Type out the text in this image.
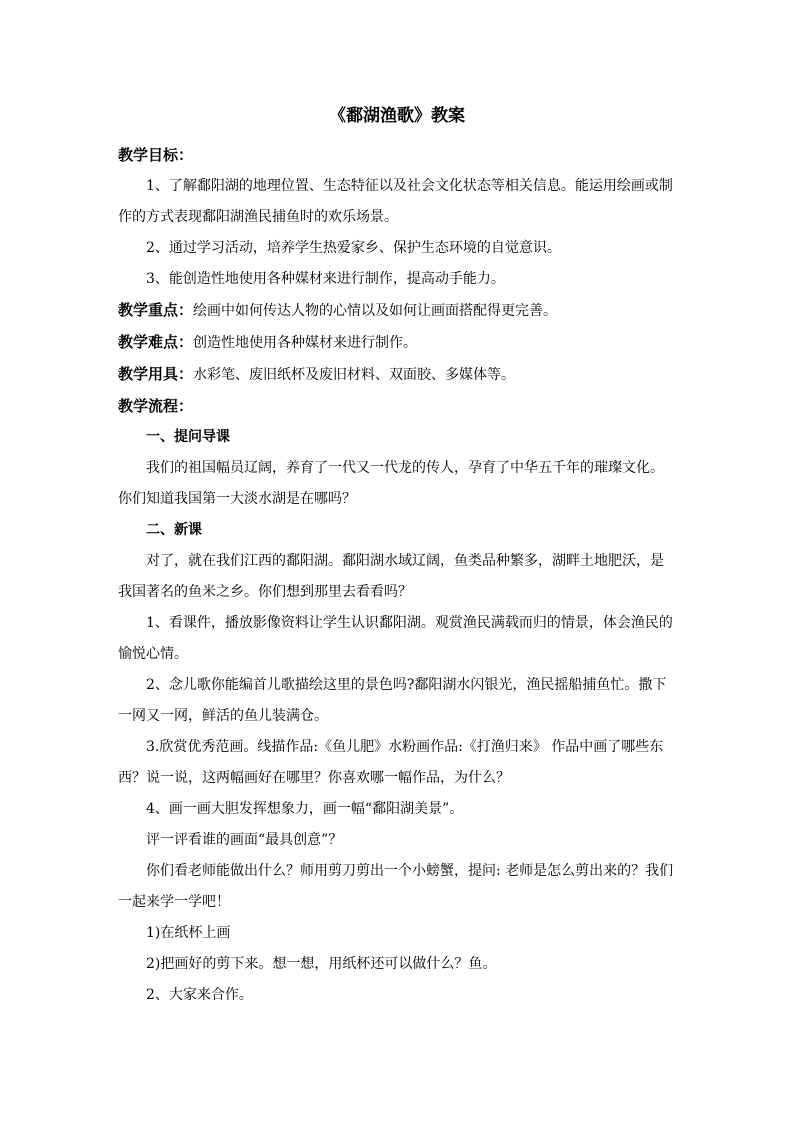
《鄱湖渔歌》教案

教学目标：

1、了解鄱阳湖的地理位置、生态特征以及社会文化状态等相关信息。能运用绘画或制作的方式表现鄱阳湖渔民捕鱼时的欢乐场景。

2、通过学习活动，培养学生热爱家乡、保护生态环境的自觉意识。

3、能创造性地使用各种媒材来进行制作，提高动手能力。

教学重点：绘画中如何传达人物的心情以及如何让画面搭配得更完善。

教学难点：创造性地使用各种媒材来进行制作。

教学用具：水彩笔、废旧纸杯及废旧材料、双面胶、多媒体等。

教学流程：

一、提问导课

我们的祖国幅员辽阔，养育了一代又一代龙的传人，孕育了中华五千年的璀璨文化。你们知道我国第一大淡水湖是在哪吗？

二、新课

对了，就在我们江西的鄱阳湖。鄱阳湖水域辽阔，鱼类品种繁多，湖畔土地肥沃，是我国著名的鱼米之乡。你们想到那里去看看吗？

1、看课件，播放影像资料让学生认识鄱阳湖。观赏渔民满载而归的情景，体会渔民的愉悦心情。

2、念儿歌你能编首儿歌描绘这里的景色吗?鄱阳湖水闪银光，渔民摇船捕鱼忙。撒下一网又一网，鲜活的鱼儿装满仓。

3.欣赏优秀范画。线描作品:《鱼儿肥》水粉画作品:《打渔归来》 作品中画了哪些东西？说一说，这两幅画好在哪里？你喜欢哪一幅作品，为什么？

4、画一画大胆发挥想象力，画一幅“鄱阳湖美景”。

评一评看谁的画面“最具创意”？

你们看老师能做出什么？师用剪刀剪出一个小螃蟹，提问: 老师是怎么剪出来的？我们一起来学一学吧！

1)在纸杯上画

2)把画好的剪下来。想一想，用纸杯还可以做什么？鱼。

2、大家来合作。
